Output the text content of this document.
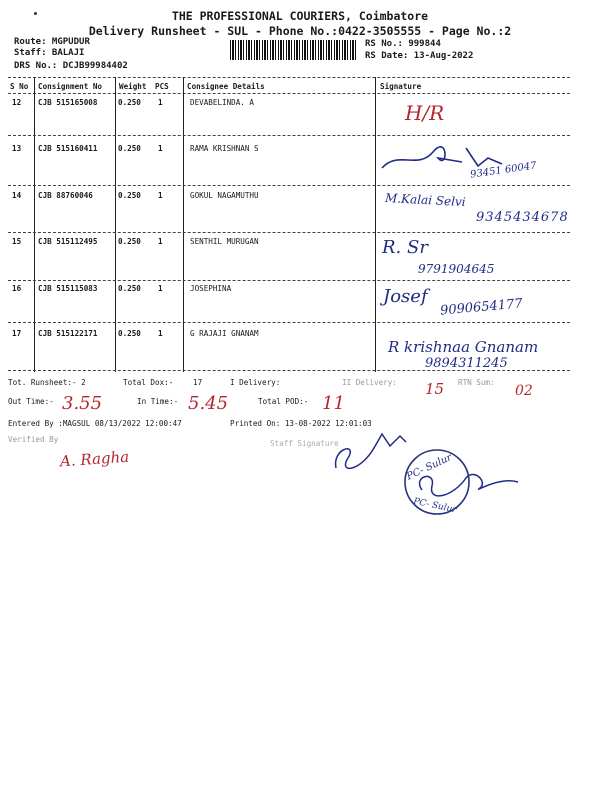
THE PROFESSIONAL COURIERS, Coimbatore
Delivery Runsheet - SUL - Phone No.:0422-3505555 - Page No.:2
Route: MGPUDUR
Staff: BALAJI
DRS No.: DCJB99984402
RS No.: 999844
RS Date: 13-Aug-2022
S No Consignment No Weight PCS Consignee Details	Signature
12 CJB 515165008	0.250 1	DEVABELINDA. A	H/R
13 CJB 515160411	0.250 1	RAMA KRISHNAN S
93451 60047
14 CJB 88760046	0.250 1	GOKUL NAGAMUTHU	M.Kalai Selvi
9345434678
15 CJB 515112495	0.250 1	SENTHIL MURUGAN	R. Sr
9791904645
16 CJB 515115083	0.250 1	JOSEPHINA	Josef 9090654177
17 CJB 515122171	0.250 1	G RAJAJI GNANAM
R krishnaa Gnanam
9894311245
Tot. Runsheet:- 2	Total Dox:-	17	I Delivery:	II Delivery:	RTN Sum:
15	02
Out Time:- 3.55	In Time:- 5.45	Total POD:- 11
Entered By :MAGSUL 08/13/2022 12:00:47	Printed On: 13-08-2022 12:01:03
Verified By	Staff Signature
A. Ragha	PC- Sulur
PC- Sulur
